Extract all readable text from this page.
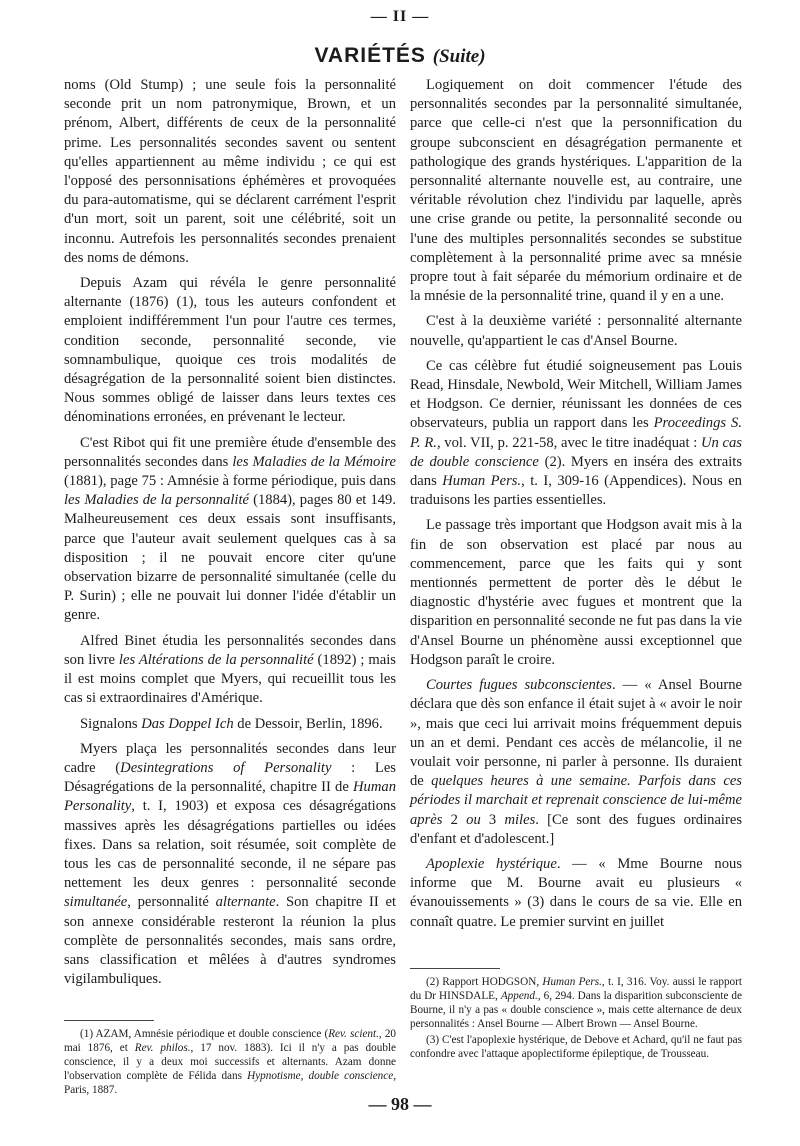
— II —
VARIÉTÉS (Suite)

noms (Old Stump) ; une seule fois la personnalité seconde prit un nom patronymique, Brown, et un prénom, Albert, différents de ceux de la personnalité prime. Les personnalités secondes savent ou sentent qu'elles appartiennent au même individu ; ce qui est l'opposé des personnisations éphémères et provoquées du para-automatisme, qui se déclarent carrément l'esprit d'un mort, soit un parent, soit une célébrité, soit un inconnu. Autrefois les personnalités secondes prenaient des noms de démons.

Depuis Azam qui révéla le genre personnalité alternante (1876) (1), tous les auteurs confondent et emploient indifféremment l'un pour l'autre ces termes, condition seconde, personnalité seconde, vie somnambulique, quoique ces trois modalités de désagrégation de la personnalité soient bien distinctes. Nous sommes obligé de laisser dans leurs textes ces dénominations erronées, en prévenant le lecteur.

C'est Ribot qui fit une première étude d'ensemble des personnalités secondes dans les Maladies de la Mémoire (1881), page 75 : Amnésie à forme périodique, puis dans les Maladies de la personnalité (1884), pages 80 et 149. Malheureusement ces deux essais sont insuffisants, parce que l'auteur avait seulement quelques cas à sa disposition ; il ne pouvait encore citer qu'une observation bizarre de personnalité simultanée (celle du P. Surin) ; elle ne pouvait lui donner l'idée d'établir un genre.

Alfred Binet étudia les personnalités secondes dans son livre les Altérations de la personnalité (1892) ; mais il est moins complet que Myers, qui recueillit tous les cas si extraordinaires d'Amérique.

Signalons Das Doppel Ich de Dessoir, Berlin, 1896.

Myers plaça les personnalités secondes dans leur cadre (Desintegrations of Personality : Les Désagrégations de la personnalité, chapitre II de Human Personality, t. I, 1903) et exposa ces désagrégations massives après les désagrégations partielles ou idées fixes. Dans sa relation, soit résumée, soit complète de tous les cas de personnalité seconde, il ne sépare pas nettement les deux genres : personnalité seconde simultanée, personnalité alternante. Son chapitre II et son annexe considérable resteront la réunion la plus complète de personnalités secondes, mais sans ordre, sans classification et mêlées à d'autres syndromes vigilambuliques.

(1) AZAM, Amnésie périodique et double conscience (Rev. scient., 20 mai 1876, et Rev. philos., 17 nov. 1883). Ici il n'y a pas double conscience, il y a deux moi successifs et alternants. Azam donne l'observation complète de Félida dans Hypnotisme, double conscience, Paris, 1887.

Logiquement on doit commencer l'étude des personnalités secondes par la personnalité simultanée, parce que celle-ci n'est que la personnification du groupe subconscient en désagrégation permanente et pathologique des grands hystériques. L'apparition de la personnalité alternante nouvelle est, au contraire, une véritable révolution chez l'individu par laquelle, après une crise grande ou petite, la personnalité seconde ou l'une des multiples personnalités secondes se substitue complètement à la personnalité prime avec sa mnésie propre tout à fait séparée du mémorium ordinaire et de la mnésie de la personnalité trine, quand il y en a une.

C'est à la deuxième variété : personnalité alternante nouvelle, qu'appartient le cas d'Ansel Bourne.

Ce cas célèbre fut étudié soigneusement pas Louis Read, Hinsdale, Newbold, Weir Mitchell, William James et Hodgson. Ce dernier, réunissant les données de ces observateurs, publia un rapport dans les Proceedings S. P. R., vol. VII, p. 221-58, avec le titre inadéquat : Un cas de double conscience (2). Myers en inséra des extraits dans Human Pers., t. I, 309-16 (Appendices). Nous en traduisons les parties essentielles.

Le passage très important que Hodgson avait mis à la fin de son observation est placé par nous au commencement, parce que les faits qui y sont mentionnés permettent de porter dès le début le diagnostic d'hystérie avec fugues et montrent que la disparition en personnalité seconde ne fut pas dans la vie d'Ansel Bourne un phénomène aussi exceptionnel que Hodgson paraît le croire.

Courtes fugues subconscientes. — « Ansel Bourne déclara que dès son enfance il était sujet à « avoir le noir », mais que ceci lui arrivait moins fréquemment depuis un an et demi. Pendant ces accès de mélancolie, il ne voulait voir personne, ni parler à personne. Ils duraient de quelques heures à une semaine. Parfois dans ces périodes il marchait et reprenait conscience de lui-même après 2 ou 3 miles. [Ce sont des fugues ordinaires d'enfant et d'adolescent.]

Apoplexie hystérique. — « Mme Bourne nous informe que M. Bourne avait eu plusieurs « évanouissements » (3) dans le cours de sa vie. Elle en connaît quatre. Le premier survint en juillet

(2) Rapport HODGSON, Human Pers., t. I, 316. Voy. aussi le rapport du Dr HINSDALE, Append., 6, 294. Dans la disparition subconsciente de Bourne, il n'y a pas « double conscience », mais cette alternance de deux personnalités : Ansel Bourne — Albert Brown — Ansel Bourne.

(3) C'est l'apoplexie hystérique, de Debove et Achard, qu'il ne faut pas confondre avec l'attaque apoplectiforme épileptique, de Trousseau.

— 98 —
